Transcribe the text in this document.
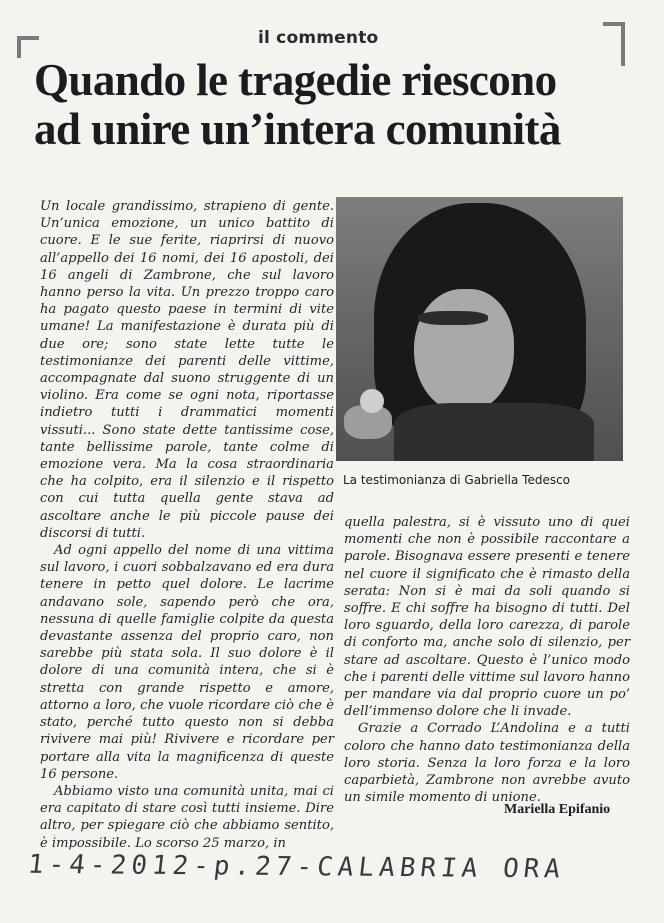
il commento
Quando le tragedie riescono
ad unire un’intera comunità

Un locale grandissimo, strapieno di gente. Un’unica emozione, un unico battito di cuore. E le sue ferite, riaprirsi di nuovo all’appello dei 16 nomi, dei 16 apostoli, dei 16 angeli di Zambrone, che sul lavoro hanno perso la vita. Un prezzo troppo caro ha pagato questo paese in termini di vite umane! La manifestazione è durata più di due ore; sono state lette tutte le testimonianze dei parenti delle vittime, accompagnate dal suono struggente di un violino. Era come se ogni nota, riportasse indietro tutti i drammatici momenti vissuti... Sono state dette tantissime cose, tante bellissime parole, tante colme di emozione vera. Ma la cosa straordinaria che ha colpito, era il silenzio e il rispetto con cui tutta quella gente stava ad ascoltare anche le più piccole pause dei discorsi di tutti.

Ad ogni appello del nome di una vittima sul lavoro, i cuori sobbalzavano ed era dura tenere in petto quel dolore. Le lacrime andavano sole, sapendo però che ora, nessuna di quelle famiglie colpite da questa devastante assenza del proprio caro, non sarebbe più stata sola. Il suo dolore è il dolore di una comunità intera, che si è stretta con grande rispetto e amore, attorno a loro, che vuole ricordare ciò che è stato, perché tutto questo non si debba rivivere mai più! Rivivere e ricordare per portare alla vita la magnificenza di queste 16 persone.

Abbiamo visto una comunità unita, mai ci era capitato di stare così tutti insieme. Dire altro, per spiegare ciò che abbiamo sentito, è impossibile. Lo scorso 25 marzo, in

La testimonianza di Gabriella Tedesco

quella palestra, si è vissuto uno di quei momenti che non è possibile raccontare a parole. Bisognava essere presenti e tenere nel cuore il significato che è rimasto della serata: Non si è mai da soli quando si soffre. E chi soffre ha bisogno di tutti. Del loro sguardo, della loro carezza, di parole di conforto ma, anche solo di silenzio, per stare ad ascoltare. Questo è l’unico modo che i parenti delle vittime sul lavoro hanno per mandare via dal proprio cuore un po’ dell’immenso dolore che li invade.

Grazie a Corrado L’Andolina e a tutti coloro che hanno dato testimonianza della loro storia. Senza la loro forza e la loro caparbietà, Zambrone non avrebbe avuto un simile momento di unione.

Mariella Epifanio
1-4-2012-p.27-CALABRIA ORA
